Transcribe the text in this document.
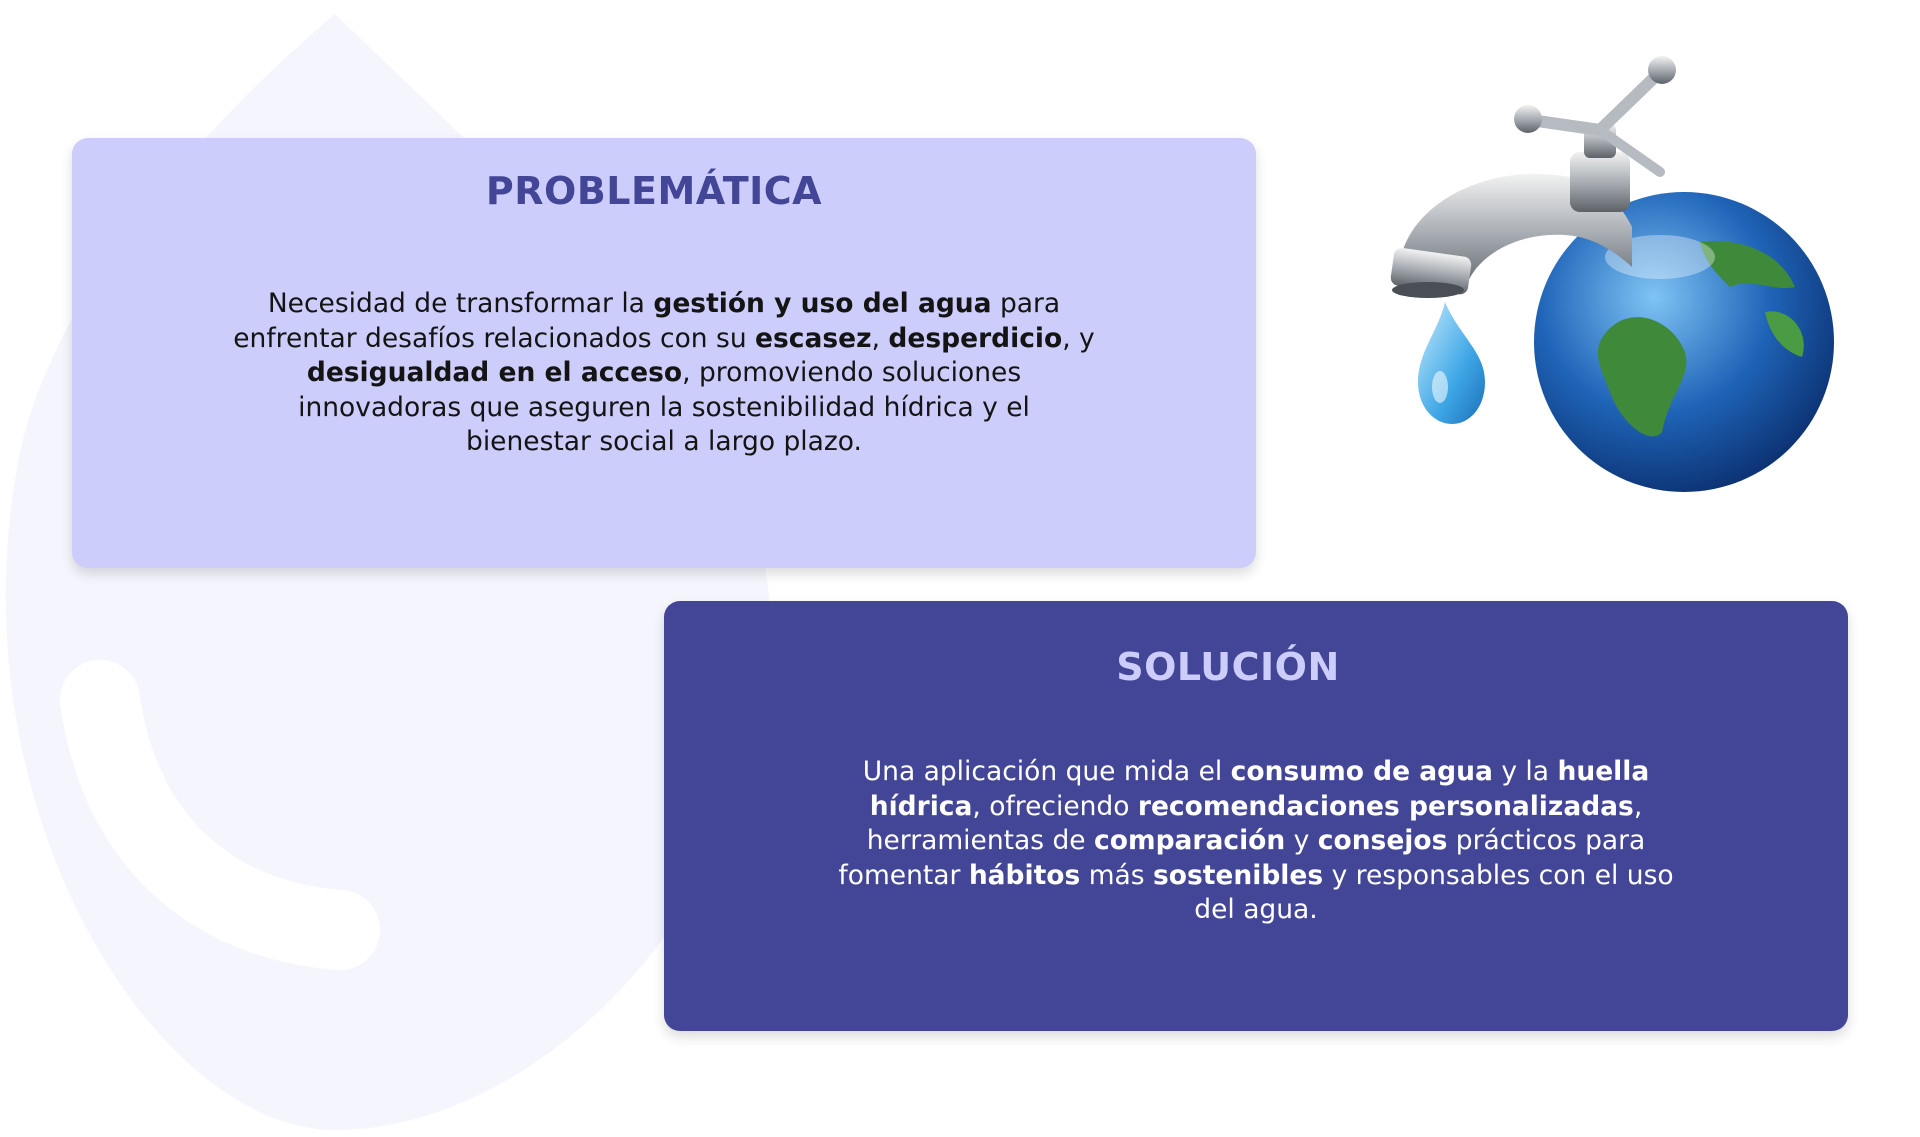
PROBLEMÁTICA

Necesidad de transformar la gestión y uso del agua para
enfrentar desafíos relacionados con su escasez, desperdicio, y
desigualdad en el acceso, promoviendo soluciones
innovadoras que aseguren la sostenibilidad hídrica y el
bienestar social a largo plazo.

SOLUCIÓN

Una aplicación que mida el consumo de agua y la huella
hídrica, ofreciendo recomendaciones personalizadas,
herramientas de comparación y consejos prácticos para
fomentar hábitos más sostenibles y responsables con el uso
del agua.
